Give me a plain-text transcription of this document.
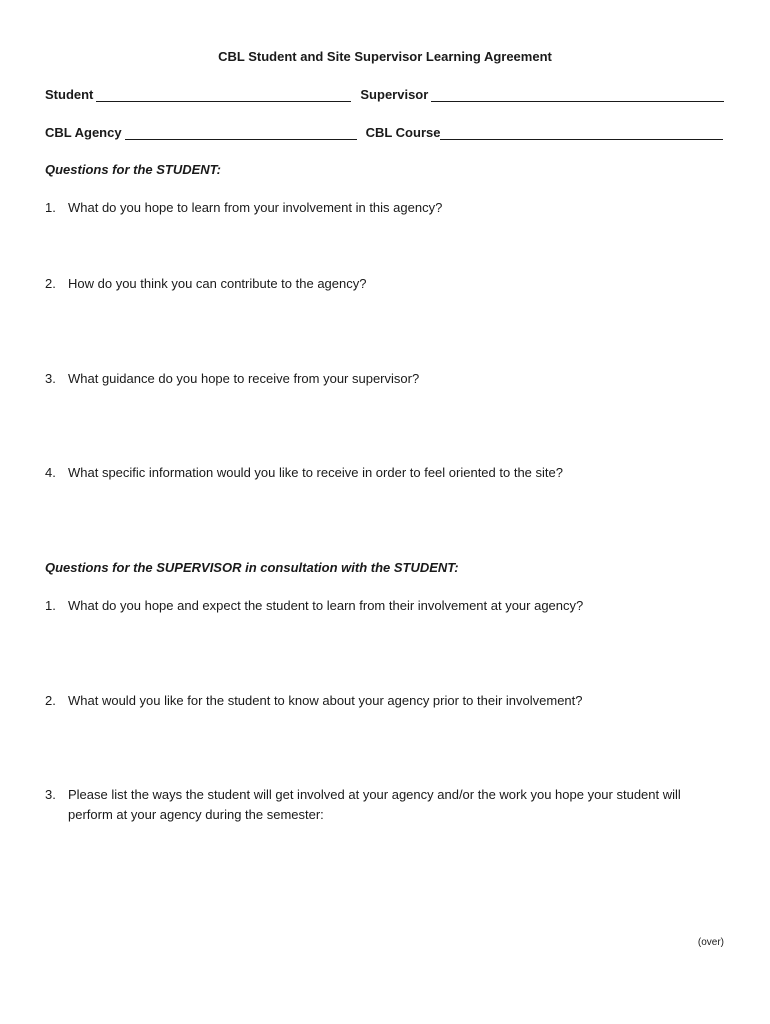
CBL Student and Site Supervisor Learning Agreement
Student	Supervisor
CBL Agency	CBL Course
Questions for the STUDENT:
1. What do you hope to learn from your involvement in this agency?
2. How do you think you can contribute to the agency?
3. What guidance do you hope to receive from your supervisor?
4. What specific information would you like to receive in order to feel oriented to the site?
Questions for the SUPERVISOR in consultation with the STUDENT:
1. What do you hope and expect the student to learn from their involvement at your agency?
2. What would you like for the student to know about your agency prior to their involvement?
3. Please list the ways the student will get involved at your agency and/or the work you hope your student will perform at your agency during the semester:
(over)
